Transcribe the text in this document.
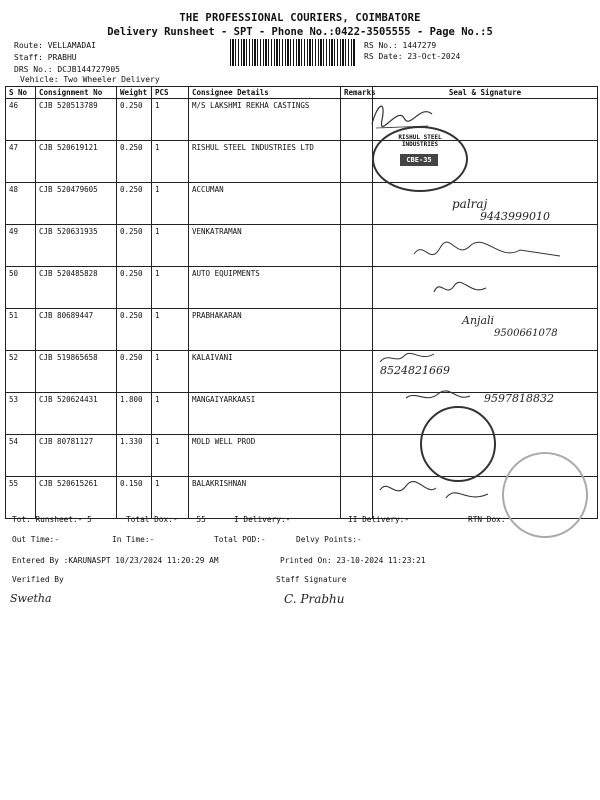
THE PROFESSIONAL COURIERS, COIMBATORE
Delivery Runsheet - SPT - Phone No.:0422-3505555 - Page No.:5
Route: VELLAMADAI
Staff: PRABHU
DRS No.: DCJB144727905
Vehicle: Two Wheeler Delivery
RS No.: 1447279
RS Date: 23-Oct-2024
S No	Consignment No	Weight	PCS	Consignee Details	Remarks	Seal & Signature
46	CJB 520513789	0.250	1	M/S LAKSHMI REKHA CASTINGS		
47	CJB 520619121	0.250	1	RISHUL STEEL INDUSTRIES LTD		
48	CJB 520479605	0.250	1	ACCUMAN		
49	CJB 520631935	0.250	1	VENKATRAMAN		
50	CJB 520485828	0.250	1	AUTO EQUIPMENTS		
51	CJB 80689447	0.250	1	PRABHAKARAN		
52	CJB 519865658	0.250	1	KALAIVANI		
53	CJB 520624431	1.800	1	MANGAIYARKAASI		
54	CJB 80781127	1.330	1	MOLD WELL PROD		
55	CJB 520615261	0.150	1	BALAKRISHNAN		
RISHUL STEEL INDUSTRIES
CBE-35
palraj
9443999010
Anjali
9500661078
8524821669
9597818832
Tot. Runsheet:- 5	Total Dox:-    55	I Delivery:-	II Delivery:-	RTN Dox:
Out Time:-	In Time:-	Total POD:-	Delvy Points:-
Entered By :KARUNASPT 10/23/2024 11:20:29 AM	Printed On: 23-10-2024 11:23:21
Verified By	Staff Signature
Swetha	C. Prabhu
